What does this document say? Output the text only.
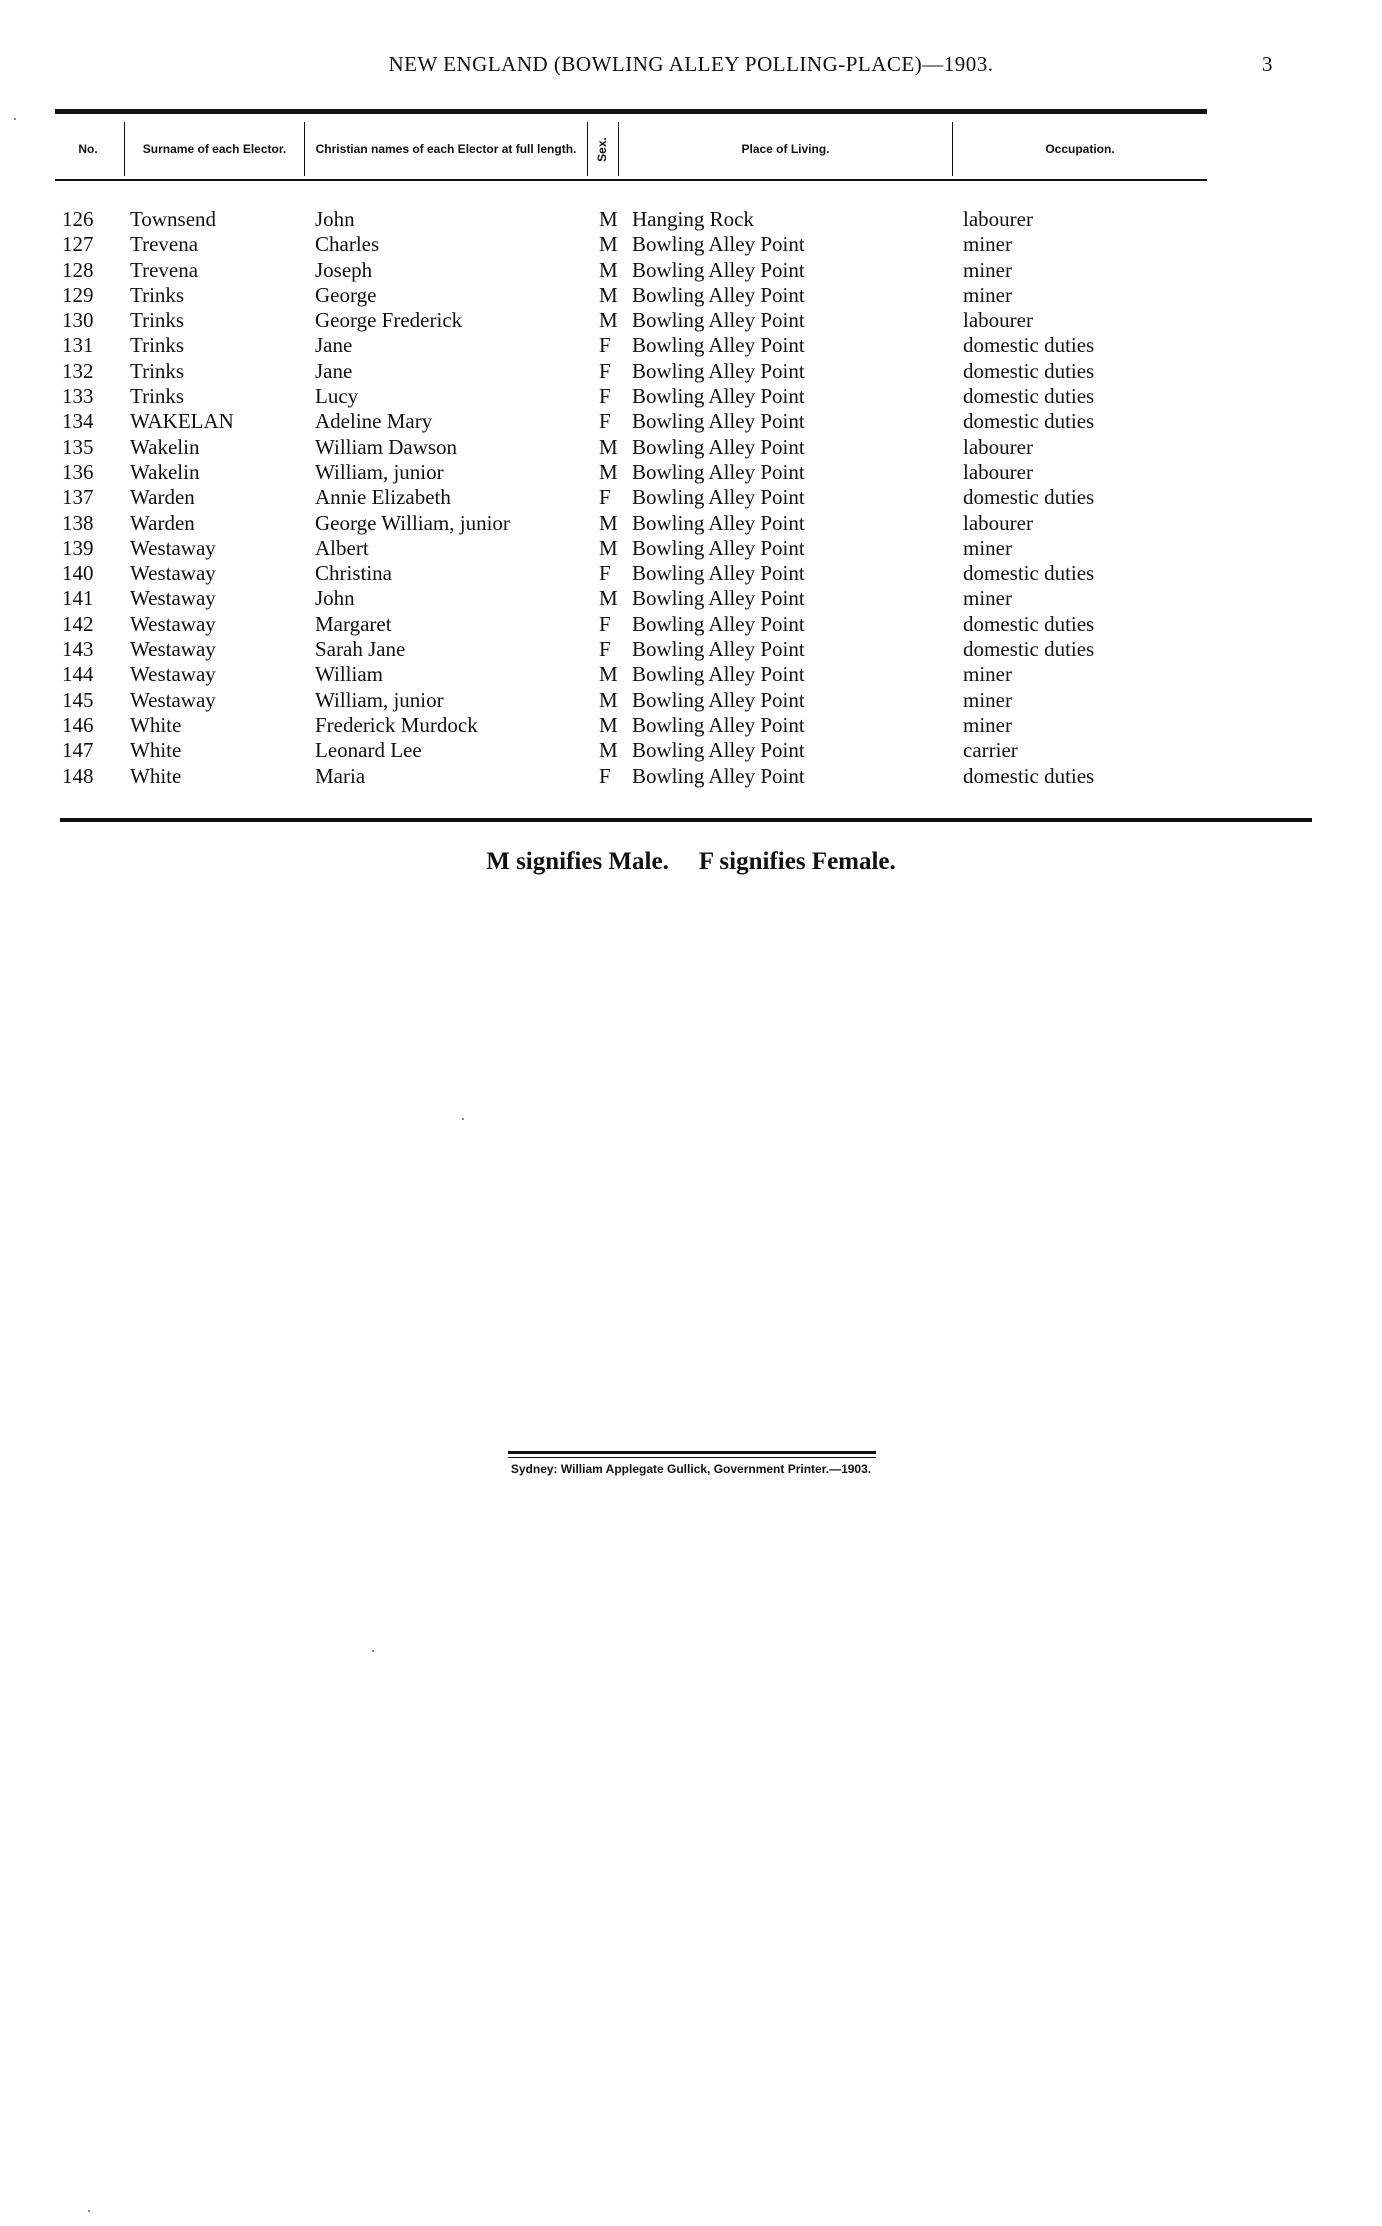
NEW ENGLAND (BOWLING ALLEY POLLING-PLACE)—1903.	3
No.	Surname of each Elector.	Christian names of each Elector at full length.	Sex.	Place of Living.	Occupation.
126	Townsend	John	M Hanging Rock	labourer
127	Trevena	Charles	M Bowling Alley Point	miner
128	Trevena	Joseph	M Bowling Alley Point	miner
129	Trinks	George	M Bowling Alley Point	miner
130	Trinks	George Frederick	M Bowling Alley Point	labourer
131	Trinks	Jane	F Bowling Alley Point	domestic duties
132	Trinks	Jane	F Bowling Alley Point	domestic duties
133	Trinks	Lucy	F Bowling Alley Point	domestic duties
134	WAKELAN	Adeline Mary	F Bowling Alley Point	domestic duties
135	Wakelin	William Dawson	M Bowling Alley Point	labourer
136	Wakelin	William, junior	M Bowling Alley Point	labourer
137	Warden	Annie Elizabeth	F Bowling Alley Point	domestic duties
138	Warden	George William, junior	M Bowling Alley Point	labourer
139	Westaway	Albert	M Bowling Alley Point	miner
140	Westaway	Christina	F Bowling Alley Point	domestic duties
141	Westaway	John	M Bowling Alley Point	miner
142	Westaway	Margaret	F Bowling Alley Point	domestic duties
143	Westaway	Sarah Jane	F Bowling Alley Point	domestic duties
144	Westaway	William	M Bowling Alley Point	miner
145	Westaway	William, junior	M Bowling Alley Point	miner
146	White	Frederick Murdock	M Bowling Alley Point	miner
147	White	Leonard Lee	M Bowling Alley Point	carrier
148	White	Maria	F Bowling Alley Point	domestic duties
M signifies Male. F signifies Female.
Sydney: William Applegate Gullick, Government Printer.—1903.
